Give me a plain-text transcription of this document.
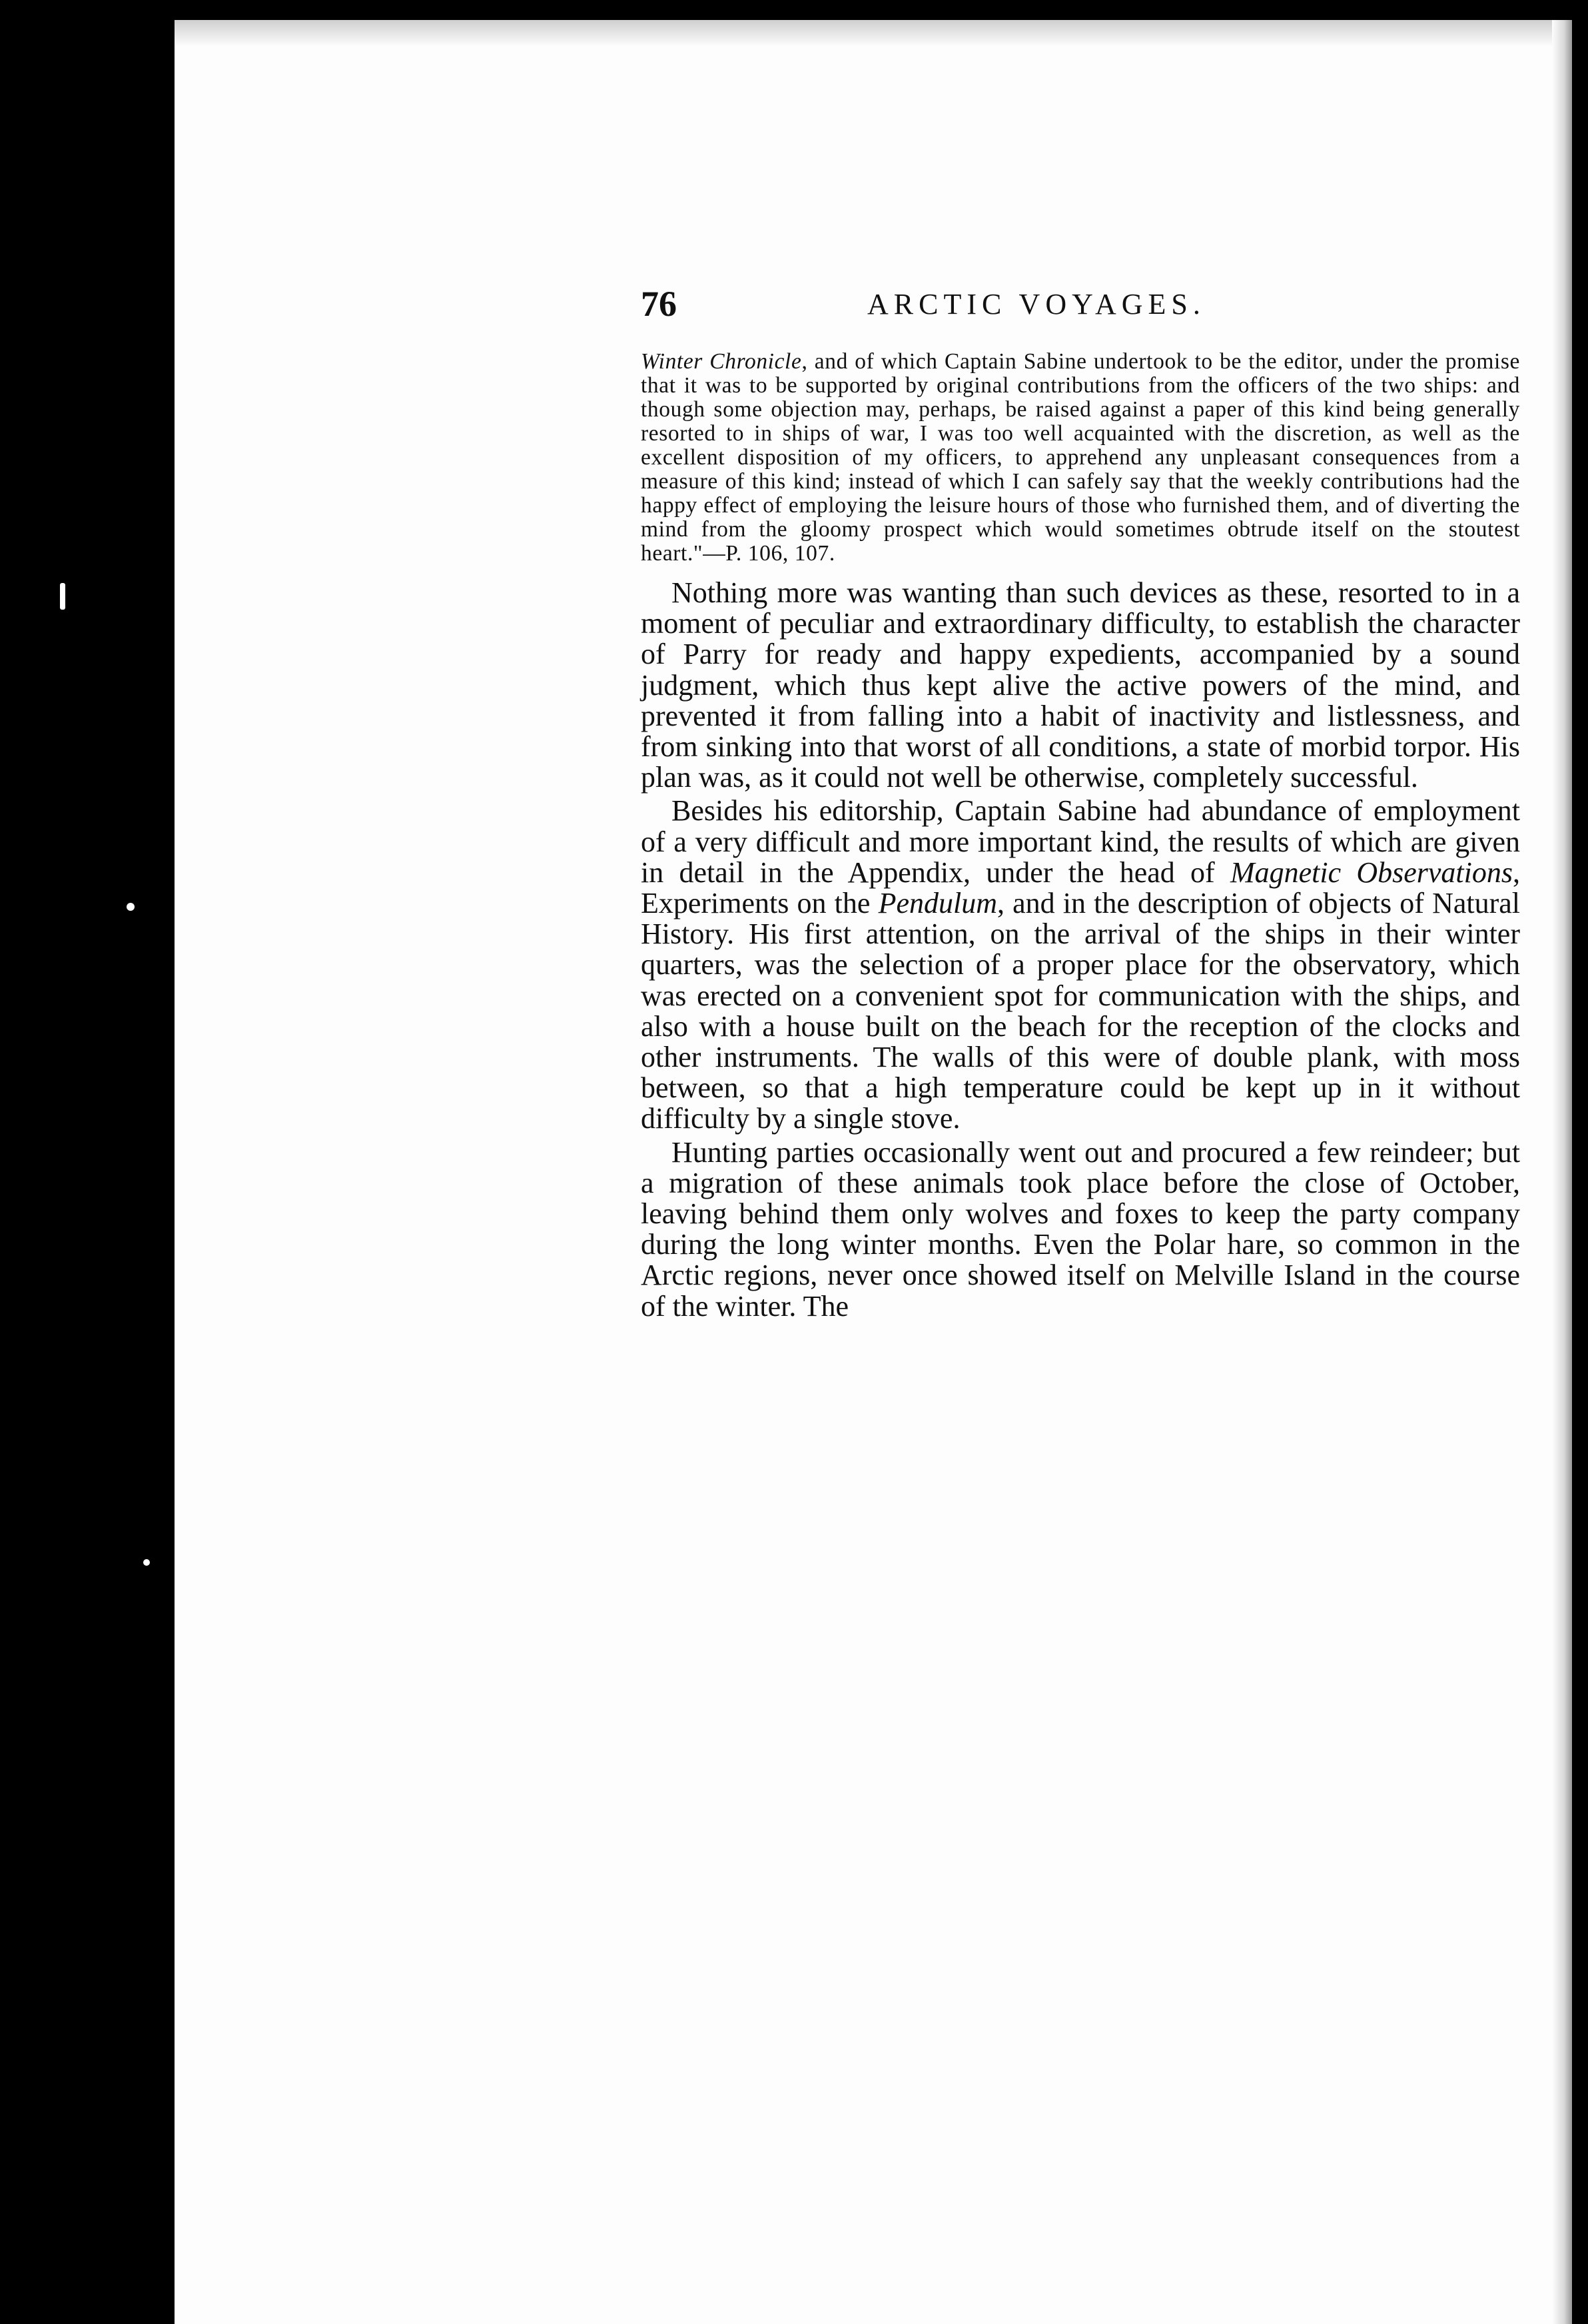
76	ARCTIC VOYAGES.

Winter Chronicle, and of which Captain Sabine undertook to be the editor, under the promise that it was to be supported by original contributions from the officers of the two ships: and though some objection may, perhaps, be raised against a paper of this kind being generally resorted to in ships of war, I was too well acquainted with the discretion, as well as the excellent disposition of my officers, to apprehend any unpleasant consequences from a measure of this kind; instead of which I can safely say that the weekly contributions had the happy effect of employing the leisure hours of those who furnished them, and of diverting the mind from the gloomy prospect which would sometimes obtrude itself on the stoutest heart."—P. 106, 107.

Nothing more was wanting than such devices as these, resorted to in a moment of peculiar and extraordinary difficulty, to establish the character of Parry for ready and happy expedients, accompanied by a sound judgment, which thus kept alive the active powers of the mind, and prevented it from falling into a habit of inactivity and listlessness, and from sinking into that worst of all conditions, a state of morbid torpor. His plan was, as it could not well be otherwise, completely successful.

Besides his editorship, Captain Sabine had abundance of employment of a very difficult and more important kind, the results of which are given in detail in the Appendix, under the head of Magnetic Observations, Experiments on the Pendulum, and in the description of objects of Natural History. His first attention, on the arrival of the ships in their winter quarters, was the selection of a proper place for the observatory, which was erected on a convenient spot for communication with the ships, and also with a house built on the beach for the reception of the clocks and other instruments. The walls of this were of double plank, with moss between, so that a high temperature could be kept up in it without difficulty by a single stove.

Hunting parties occasionally went out and procured a few reindeer; but a migration of these animals took place before the close of October, leaving behind them only wolves and foxes to keep the party company during the long winter months. Even the Polar hare, so common in the Arctic regions, never once showed itself on Melville Island in the course of the winter. The
